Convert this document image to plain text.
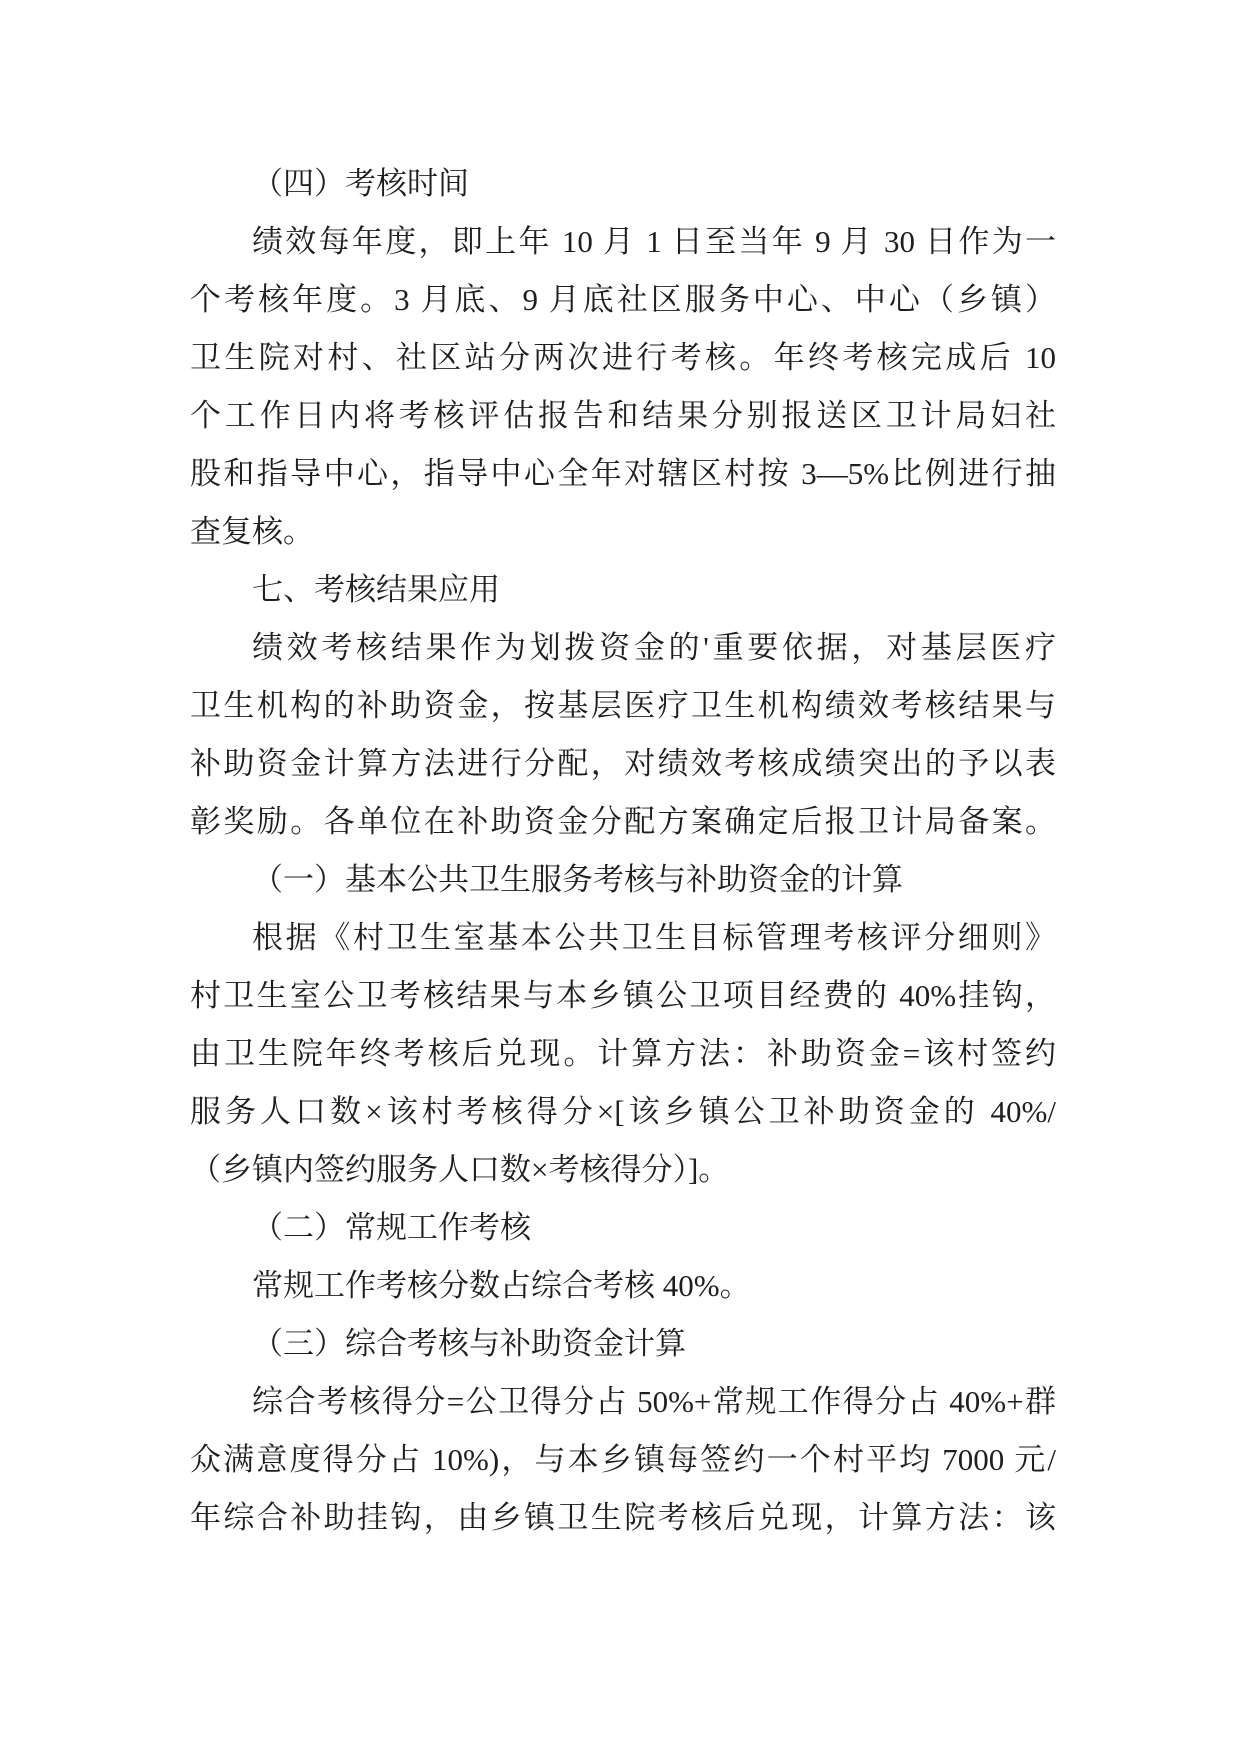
（四）考核时间
绩效每年度，即上年 10 月 1 日至当年 9 月 30 日作为一
个考核年度。3 月底、9 月底社区服务中心、中心（乡镇）
卫生院对村、社区站分两次进行考核。年终考核完成后 10
个工作日内将考核评估报告和结果分别报送区卫计局妇社
股和指导中心，指导中心全年对辖区村按 3—5%比例进行抽
查复核。
七、考核结果应用
绩效考核结果作为划拨资金的'重要依据，对基层医疗
卫生机构的补助资金，按基层医疗卫生机构绩效考核结果与
补助资金计算方法进行分配，对绩效考核成绩突出的予以表
彰奖励。各单位在补助资金分配方案确定后报卫计局备案。
（一）基本公共卫生服务考核与补助资金的计算
根据《村卫生室基本公共卫生目标管理考核评分细则》
村卫生室公卫考核结果与本乡镇公卫项目经费的 40%挂钩，
由卫生院年终考核后兑现。计算方法：补助资金=该村签约
服务人口数×该村考核得分×[该乡镇公卫补助资金的 40%/
（乡镇内签约服务人口数×考核得分）]。
（二）常规工作考核
常规工作考核分数占综合考核 40%。
（三）综合考核与补助资金计算
综合考核得分=公卫得分占 50%+常规工作得分占 40%+群
众满意度得分占 10%)，与本乡镇每签约一个村平均 7000 元/
年综合补助挂钩，由乡镇卫生院考核后兑现，计算方法：该
